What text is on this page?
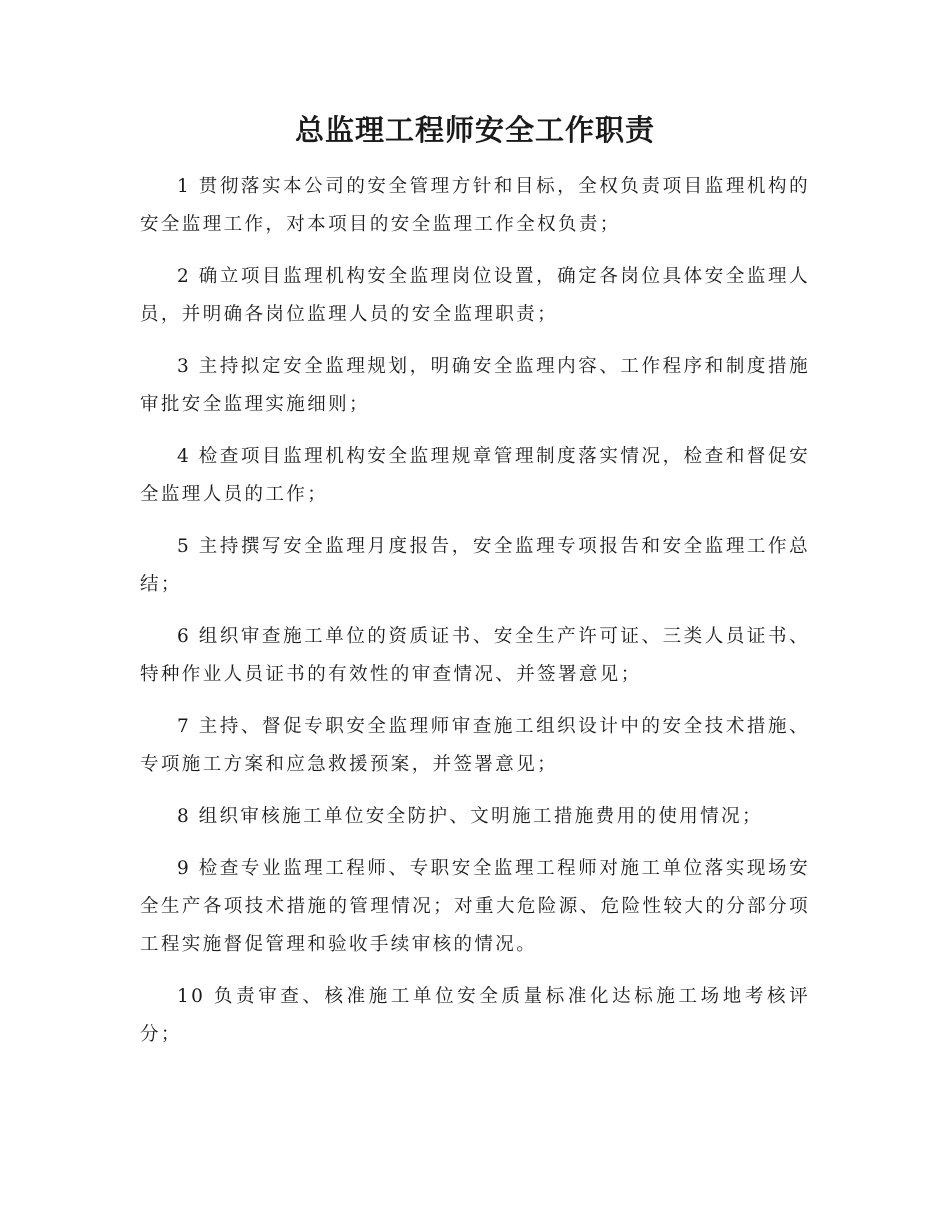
总监理工程师安全工作职责

1 贯彻落实本公司的安全管理方针和目标，全权负责项目监理机构的安全监理工作，对本项目的安全监理工作全权负责；

2 确立项目监理机构安全监理岗位设置，确定各岗位具体安全监理人员，并明确各岗位监理人员的安全监理职责；

3 主持拟定安全监理规划，明确安全监理内容、工作程序和制度措施审批安全监理实施细则；

4 检查项目监理机构安全监理规章管理制度落实情况，检查和督促安全监理人员的工作；

5 主持撰写安全监理月度报告，安全监理专项报告和安全监理工作总结；

6 组织审查施工单位的资质证书、安全生产许可证、三类人员证书、特种作业人员证书的有效性的审查情况、并签署意见；

7 主持、督促专职安全监理师审查施工组织设计中的安全技术措施、专项施工方案和应急救援预案，并签署意见；

8 组织审核施工单位安全防护、文明施工措施费用的使用情况；

9 检查专业监理工程师、专职安全监理工程师对施工单位落实现场安全生产各项技术措施的管理情况；对重大危险源、危险性较大的分部分项工程实施督促管理和验收手续审核的情况。

10 负责审查、核准施工单位安全质量标准化达标施工场地考核评分；
